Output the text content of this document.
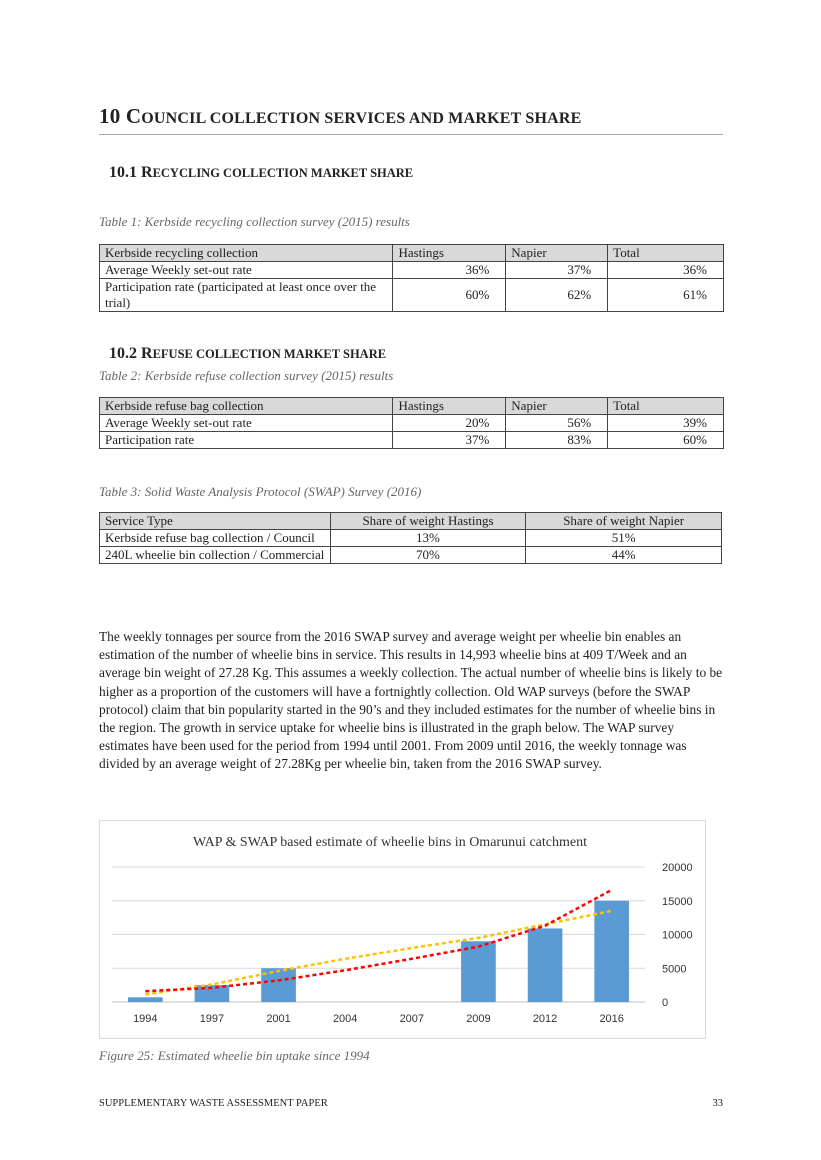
10 COUNCIL COLLECTION SERVICES AND MARKET SHARE
10.1 RECYCLING COLLECTION MARKET SHARE
Table 1: Kerbside recycling collection survey (2015) results
Kerbside recycling collection	Hastings	Napier	Total
Average Weekly set-out rate	36%	37%	36%
Participation rate (participated at least once over the trial)	60%	62%	61%
10.2 REFUSE COLLECTION MARKET SHARE
Table 2: Kerbside refuse collection survey (2015) results
Kerbside refuse bag collection	Hastings	Napier	Total
Average Weekly set-out rate	20%	56%	39%
Participation rate	37%	83%	60%
Table 3: Solid Waste Analysis Protocol (SWAP) Survey (2016)
Service Type	Share of weight Hastings	Share of weight Napier
Kerbside refuse bag collection / Council	13%	51%
240L wheelie bin collection / Commercial	70%	44%
The weekly tonnages per source from the 2016 SWAP survey and average weight per wheelie bin enables an estimation of the number of wheelie bins in service. This results in 14,993 wheelie bins at 409 T/Week and an average bin weight of 27.28 Kg. This assumes a weekly collection. The actual number of wheelie bins is likely to be higher as a proportion of the customers will have a fortnightly collection. Old WAP surveys (before the SWAP protocol) claim that bin popularity started in the 90’s and they included estimates for the number of wheelie bins in the region. The growth in service uptake for wheelie bins is illustrated in the graph below. The WAP survey estimates have been used for the period from 1994 until 2001. From 2009 until 2016, the weekly tonnage was divided by an average weight of 27.28Kg per wheelie bin, taken from the 2016 SWAP survey.
WAP & SWAP based estimate of wheelie bins in Omarunui catchment
0
5000
10000
15000
20000
1994	1997	2001	2004	2007	2009	2012	2016
Figure 25: Estimated wheelie bin uptake since 1994
SUPPLEMENTARY WASTE ASSESSMENT PAPER	33
